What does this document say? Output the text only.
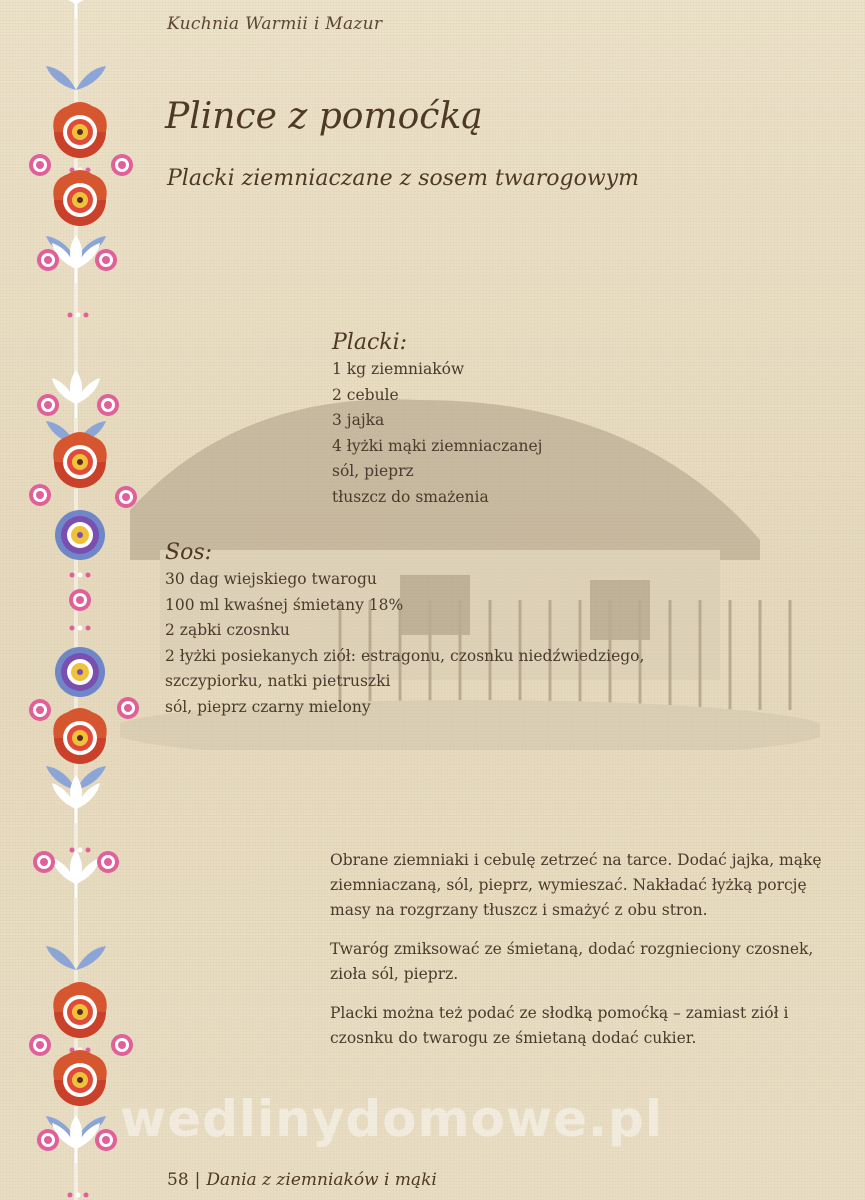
Kuchnia Warmii i Mazur
Plince z pomoćką
Placki ziemniaczane z sosem twarogowym
Placki:
1 kg ziemniaków
2 cebule
3 jajka
4 łyżki mąki ziemniaczanej
sól, pieprz
tłuszcz do smażenia
Sos:
30 dag wiejskiego twarogu
100 ml kwaśnej śmietany 18%
2 ząbki czosnku
2 łyżki posiekanych ziół: estragonu, czosnku niedźwiedziego,
szczypiorku, natki pietruszki
sól, pieprz czarny mielony

Obrane ziemniaki i cebulę zetrzeć na tarce. Dodać jajka, mąkę ziemniaczaną, sól, pieprz, wymieszać. Nakładać łyżką porcję masy na rozgrzany tłuszcz i smażyć z obu stron.

Twaróg zmiksować ze śmietaną, dodać rozgnieciony czosnek, zioła sól, pieprz.

Placki można też podać ze słodką pomoćką – zamiast ziół i czosnku do twarogu ze śmietaną dodać cukier.

wedlinydomowe.pl
58 | Dania z ziemniaków i mąki
